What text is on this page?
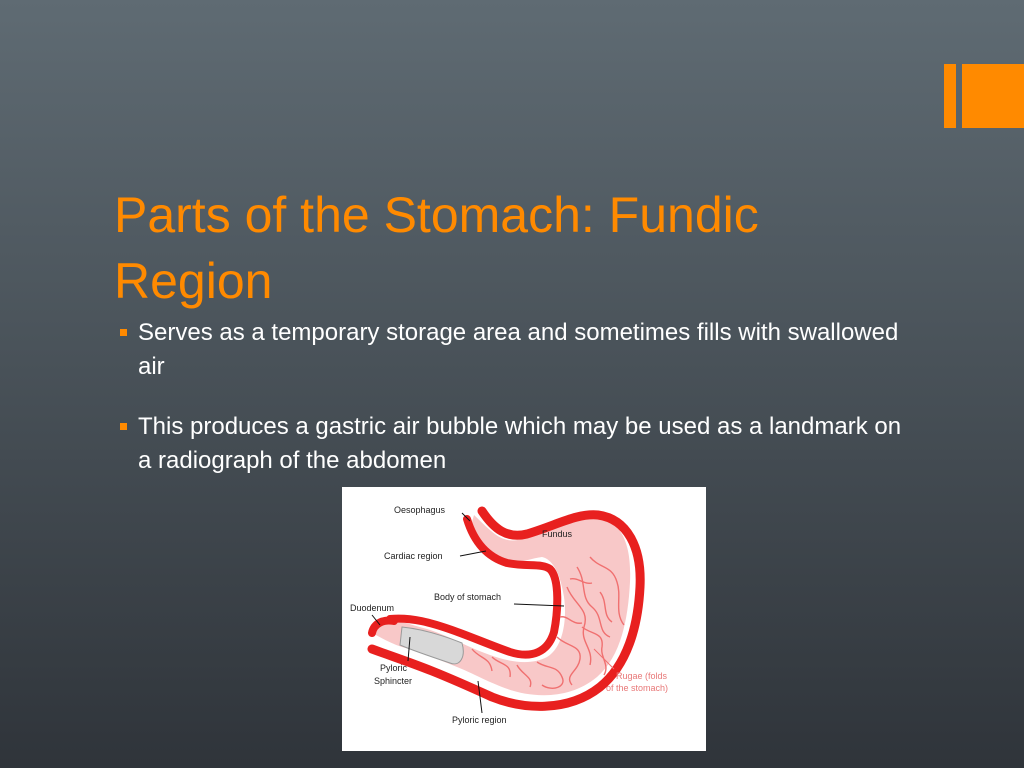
Parts of the Stomach: Fundic Region
Serves as a temporary storage area and sometimes fills with swallowed air
This produces a gastric air bubble which may be used as a landmark on a radiograph of the abdomen
Oesophagus
Fundus
Cardiac region
Body of stomach
Duodenum
Pyloric
Sphincter	Rugae (folds
of the stomach)
Pyloric region
